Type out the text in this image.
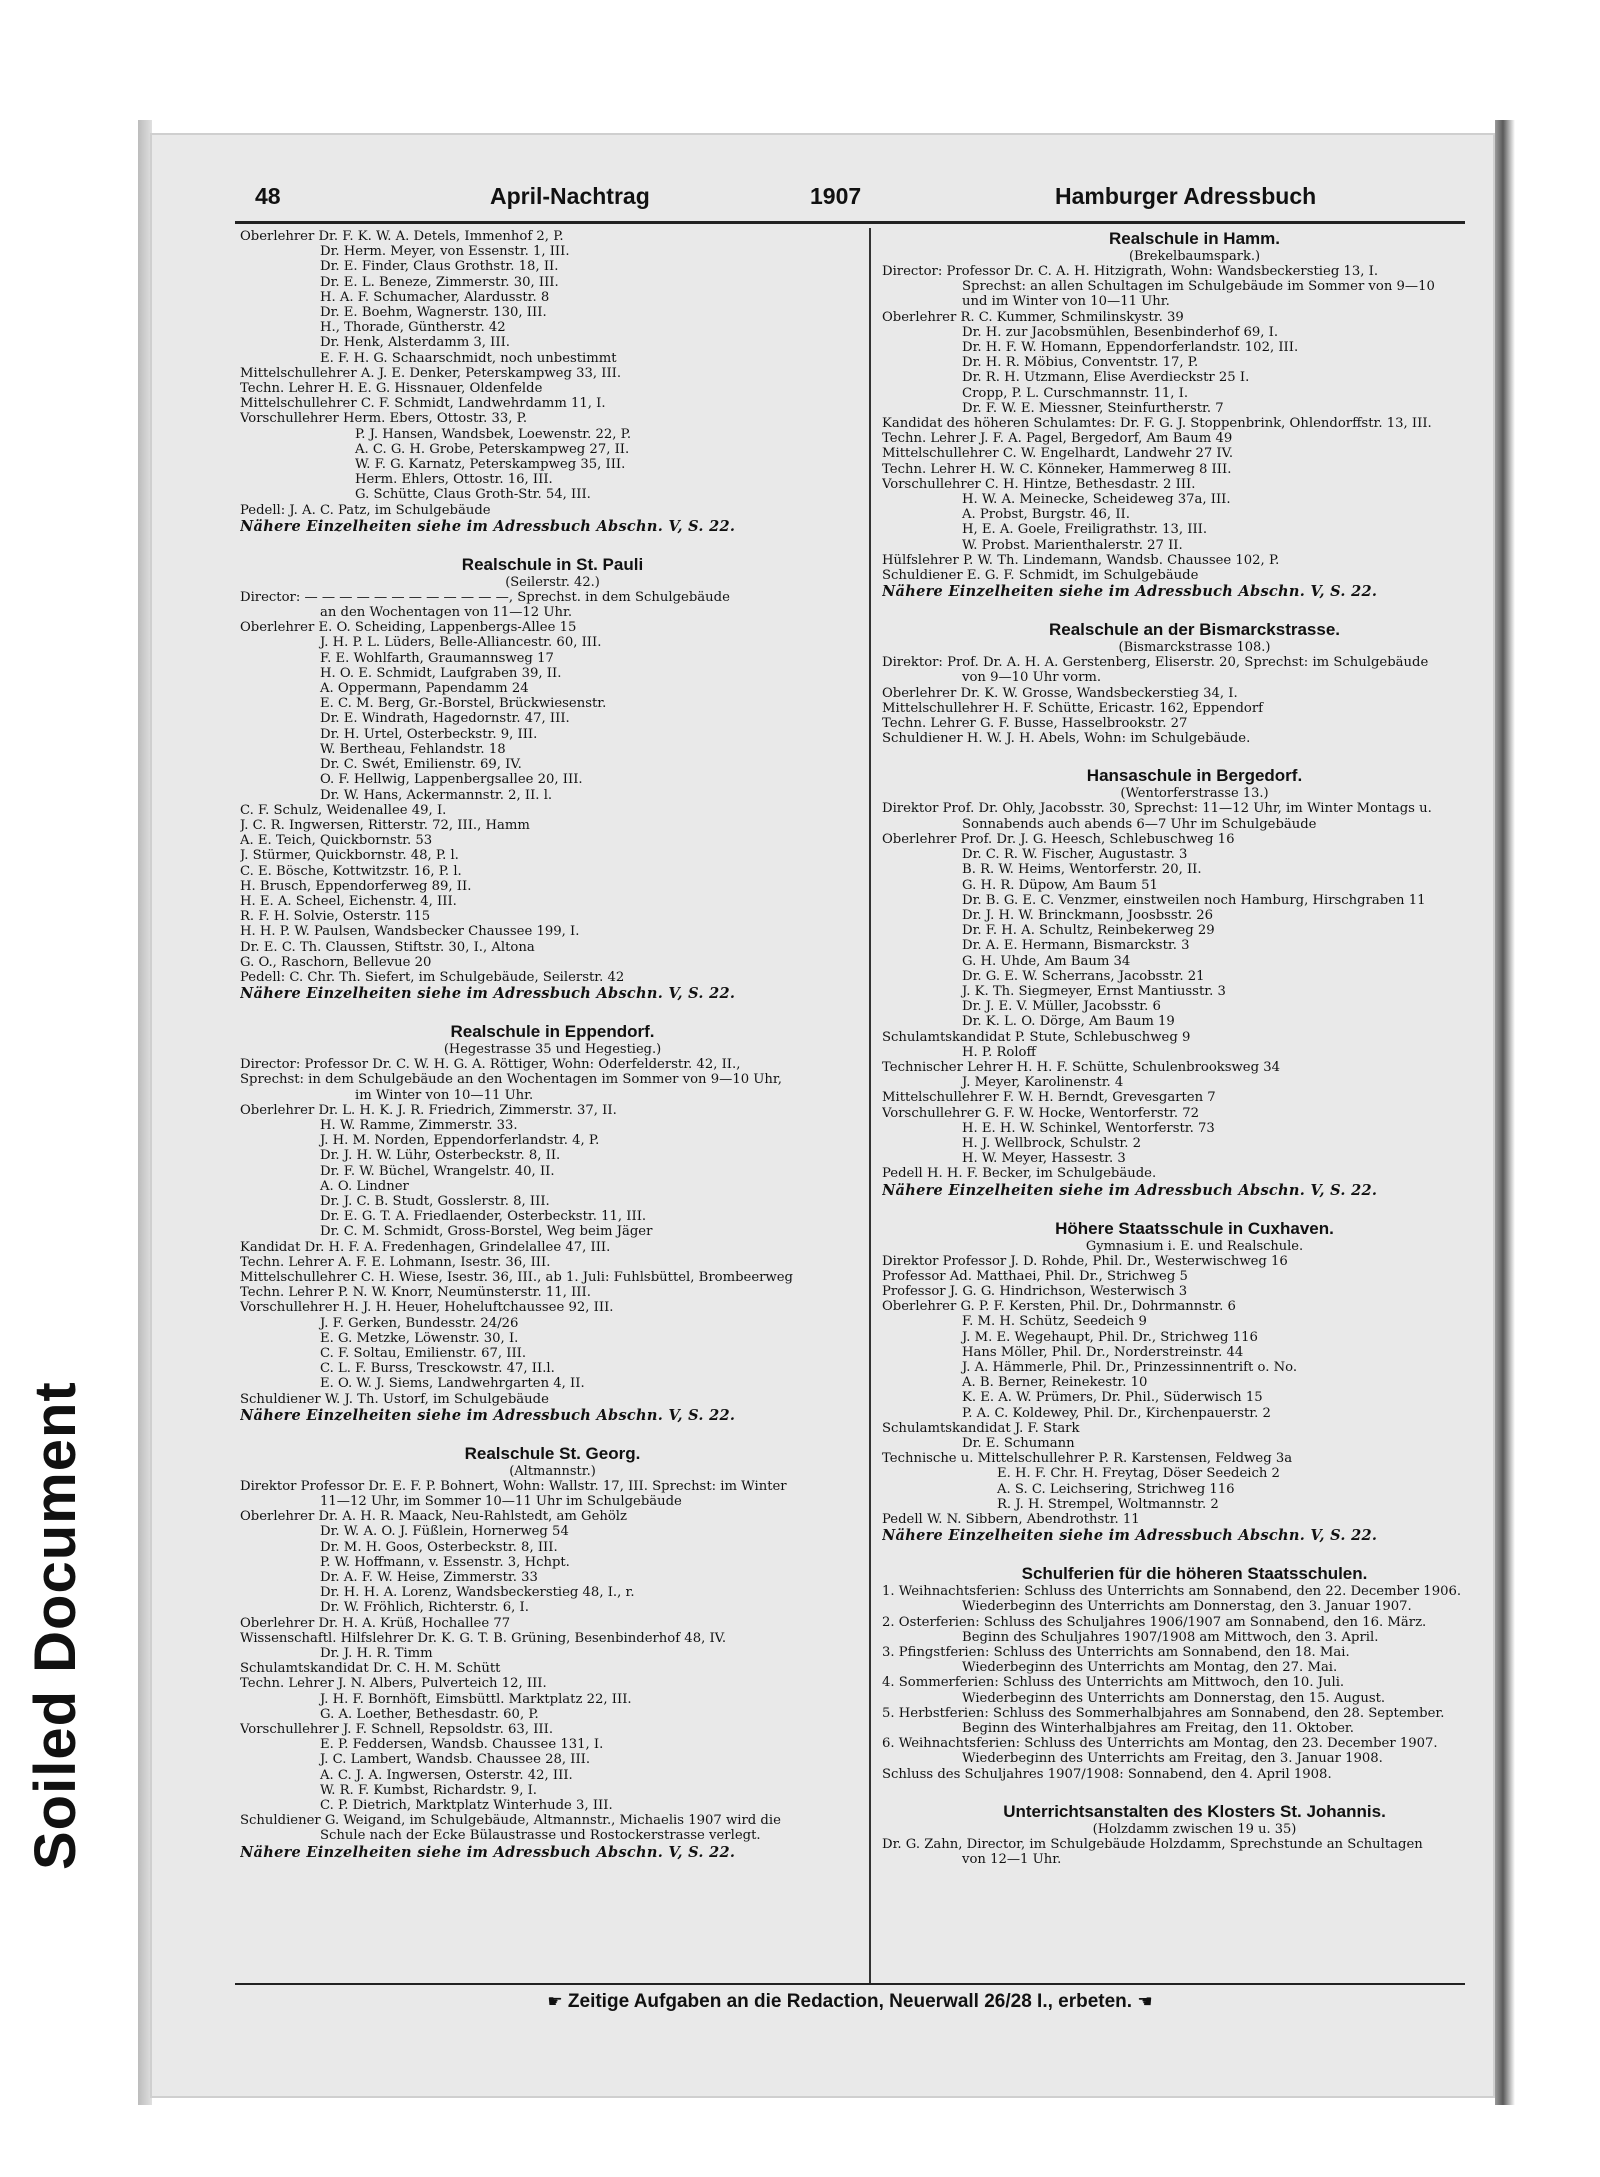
Soiled Document
48	April-Nachtrag	1907	Hamburger Adressbuch
Oberlehrer Dr. F. K. W. A. Detels, Immenhof 2, P.
Dr. Herm. Meyer, von Essenstr. 1, III.
Dr. E. Finder, Claus Grothstr. 18, II.
Dr. E. L. Beneze, Zimmerstr. 30, III.
H. A. F. Schumacher, Alardusstr. 8
Dr. E. Boehm, Wagnerstr. 130, III.
H., Thorade, Güntherstr. 42
Dr. Henk, Alsterdamm 3, III.
E. F. H. G. Schaarschmidt, noch unbestimmt
Mittelschullehrer A. J. E. Denker, Peterskampweg 33, III.
Techn. Lehrer H. E. G. Hissnauer, Oldenfelde
Mittelschullehrer C. F. Schmidt, Landwehrdamm 11, I.
Vorschullehrer Herm. Ebers, Ottostr. 33, P.
P. J. Hansen, Wandsbek, Loewenstr. 22, P.
A. C. G. H. Grobe, Peterskampweg 27, II.
W. F. G. Karnatz, Peterskampweg 35, III.
Herm. Ehlers, Ottostr. 16, III.
G. Schütte, Claus Groth-Str. 54, III.
Pedell: J. A. C. Patz, im Schulgebäude
Nähere Einzelheiten siehe im Adressbuch Abschn. V, S. 22.
Realschule in St. Pauli
(Seilerstr. 42.)
Director: — — — — — — — — — — — —, Sprechst. in dem Schulgebäude
an den Wochentagen von 11—12 Uhr.
Oberlehrer E. O. Scheiding, Lappenbergs-Allee 15
J. H. P. L. Lüders, Belle-Alliancestr. 60, III.
F. E. Wohlfarth, Graumannsweg 17
H. O. E. Schmidt, Laufgraben 39, II.
A. Oppermann, Papendamm 24
E. C. M. Berg, Gr.-Borstel, Brückwiesenstr.
Dr. E. Windrath, Hagedornstr. 47, III.
Dr. H. Urtel, Osterbeckstr. 9, III.
W. Bertheau, Fehlandstr. 18
Dr. C. Swét, Emilienstr. 69, IV.
O. F. Hellwig, Lappenbergsallee 20, III.
Dr. W. Hans, Ackermannstr. 2, II. l.
C. F. Schulz, Weidenallee 49, I.
J. C. R. Ingwersen, Ritterstr. 72, III., Hamm
A. E. Teich, Quickbornstr. 53
J. Stürmer, Quickbornstr. 48, P. l.
C. E. Bösche, Kottwitzstr. 16, P. l.
H. Brusch, Eppendorferweg 89, II.
H. E. A. Scheel, Eichenstr. 4, III.
R. F. H. Solvie, Osterstr. 115
H. H. P. W. Paulsen, Wandsbecker Chaussee 199, I.
Dr. E. C. Th. Claussen, Stiftstr. 30, I., Altona
G. O., Raschorn, Bellevue 20
Pedell: C. Chr. Th. Siefert, im Schulgebäude, Seilerstr. 42
Nähere Einzelheiten siehe im Adressbuch Abschn. V, S. 22.
Realschule in Eppendorf.
(Hegestrasse 35 und Hegestieg.)
Director: Professor Dr. C. W. H. G. A. Röttiger, Wohn: Oderfelderstr. 42, II.,
Sprechst: in dem Schulgebäude an den Wochentagen im Sommer von 9—10 Uhr,
im Winter von 10—11 Uhr.
Oberlehrer Dr. L. H. K. J. R. Friedrich, Zimmerstr. 37, II.
H. W. Ramme, Zimmerstr. 33.
J. H. M. Norden, Eppendorferlandstr. 4, P.
Dr. J. H. W. Lühr, Osterbeckstr. 8, II.
Dr. F. W. Büchel, Wrangelstr. 40, II.
A. O. Lindner
Dr. J. C. B. Studt, Gosslerstr. 8, III.
Dr. E. G. T. A. Friedlaender, Osterbeckstr. 11, III.
Dr. C. M. Schmidt, Gross-Borstel, Weg beim Jäger
Kandidat Dr. H. F. A. Fredenhagen, Grindelallee 47, III.
Techn. Lehrer A. F. E. Lohmann, Isestr. 36, III.
Mittelschullehrer C. H. Wiese, Isestr. 36, III., ab 1. Juli: Fuhlsbüttel, Brombeerweg
Techn. Lehrer P. N. W. Knorr, Neumünsterstr. 11, III.
Vorschullehrer H. J. H. Heuer, Hoheluftchaussee 92, III.
J. F. Gerken, Bundesstr. 24/26
E. G. Metzke, Löwenstr. 30, I.
C. F. Soltau, Emilienstr. 67, III.
C. L. F. Burss, Tresckowstr. 47, II.l.
E. O. W. J. Siems, Landwehrgarten 4, II.
Schuldiener W. J. Th. Ustorf, im Schulgebäude
Nähere Einzelheiten siehe im Adressbuch Abschn. V, S. 22.
Realschule St. Georg.
(Altmannstr.)
Direktor Professor Dr. E. F. P. Bohnert, Wohn: Wallstr. 17, III. Sprechst: im Winter
11—12 Uhr, im Sommer 10—11 Uhr im Schulgebäude
Oberlehrer Dr. A. H. R. Maack, Neu-Rahlstedt, am Gehölz
Dr. W. A. O. J. Füßlein, Hornerweg 54
Dr. M. H. Goos, Osterbeckstr. 8, III.
P. W. Hoffmann, v. Essenstr. 3, Hchpt.
Dr. A. F. W. Heise, Zimmerstr. 33
Dr. H. H. A. Lorenz, Wandsbeckerstieg 48, I., r.
Dr. W. Fröhlich, Richterstr. 6, I.
Oberlehrer Dr. H. A. Krüß, Hochallee 77
Wissenschaftl. Hilfslehrer Dr. K. G. T. B. Grüning, Besenbinderhof 48, IV.
Dr. J. H. R. Timm
Schulamtskandidat Dr. C. H. M. Schütt
Techn. Lehrer J. N. Albers, Pulverteich 12, III.
J. H. F. Bornhöft, Eimsbüttl. Marktplatz 22, III.
G. A. Loether, Bethesdastr. 60, P.
Vorschullehrer J. F. Schnell, Repsoldstr. 63, III.
E. P. Feddersen, Wandsb. Chaussee 131, I.
J. C. Lambert, Wandsb. Chaussee 28, III.
A. C. J. A. Ingwersen, Osterstr. 42, III.
W. R. F. Kumbst, Richardstr. 9, I.
C. P. Dietrich, Marktplatz Winterhude 3, III.
Schuldiener G. Weigand, im Schulgebäude, Altmannstr., Michaelis 1907 wird die
Schule nach der Ecke Bülaustrasse und Rostockerstrasse verlegt.
Nähere Einzelheiten siehe im Adressbuch Abschn. V, S. 22.
Realschule in Hamm.
(Brekelbaumspark.)
Director: Professor Dr. C. A. H. Hitzigrath, Wohn: Wandsbeckerstieg 13, I.
Sprechst: an allen Schultagen im Schulgebäude im Sommer von 9—10
und im Winter von 10—11 Uhr.
Oberlehrer R. C. Kummer, Schmilinskystr. 39
Dr. H. zur Jacobsmühlen, Besenbinderhof 69, I.
Dr. H. F. W. Homann, Eppendorferlandstr. 102, III.
Dr. H. R. Möbius, Conventstr. 17, P.
Dr. R. H. Ützmann, Elise Averdieckstr 25 I.
Cropp, P. L. Curschmannstr. 11, I.
Dr. F. W. E. Miessner, Steinfurtherstr. 7
Kandidat des höheren Schulamtes: Dr. F. G. J. Stoppenbrink, Ohlendorffstr. 13, III.
Techn. Lehrer J. F. A. Pagel, Bergedorf, Am Baum 49
Mittelschullehrer C. W. Engelhardt, Landwehr 27 IV.
Techn. Lehrer H. W. C. Könneker, Hammerweg 8 III.
Vorschullehrer C. H. Hintze, Bethesdastr. 2 III.
H. W. A. Meinecke, Scheideweg 37a, III.
A. Probst, Burgstr. 46, II.
H, E. A. Goele, Freiligrathstr. 13, III.
W. Probst. Marienthalerstr. 27 II.
Hülfslehrer P. W. Th. Lindemann, Wandsb. Chaussee 102, P.
Schuldiener E. G. F. Schmidt, im Schulgebäude
Nähere Einzelheiten siehe im Adressbuch Abschn. V, S. 22.
Realschule an der Bismarckstrasse.
(Bismarckstrasse 108.)
Direktor: Prof. Dr. A. H. A. Gerstenberg, Eliserstr. 20, Sprechst: im Schulgebäude
von 9—10 Uhr vorm.
Oberlehrer Dr. K. W. Grosse, Wandsbeckerstieg 34, I.
Mittelschullehrer H. F. Schütte, Ericastr. 162, Eppendorf
Techn. Lehrer G. F. Busse, Hasselbrookstr. 27
Schuldiener H. W. J. H. Abels, Wohn: im Schulgebäude.
Hansaschule in Bergedorf.
(Wentorferstrasse 13.)
Direktor Prof. Dr. Ohly, Jacobsstr. 30, Sprechst: 11—12 Uhr, im Winter Montags u.
Sonnabends auch abends 6—7 Uhr im Schulgebäude
Oberlehrer Prof. Dr. J. G. Heesch, Schlebuschweg 16
Dr. C. R. W. Fischer, Augustastr. 3
B. R. W. Heims, Wentorferstr. 20, II.
G. H. R. Düpow, Am Baum 51
Dr. B. G. E. C. Venzmer, einstweilen noch Hamburg, Hirschgraben 11
Dr. J. H. W. Brinckmann, Joosbsstr. 26
Dr. F. H. A. Schultz, Reinbekerweg 29
Dr. A. E. Hermann, Bismarckstr. 3
G. H. Uhde, Am Baum 34
Dr. G. E. W. Scherrans, Jacobsstr. 21
J. K. Th. Siegmeyer, Ernst Mantiusstr. 3
Dr. J. E. V. Müller, Jacobsstr. 6
Dr. K. L. O. Dörge, Am Baum 19
Schulamtskandidat P. Stute, Schlebuschweg 9
H. P. Roloff
Technischer Lehrer H. H. F. Schütte, Schulenbrooksweg 34
J. Meyer, Karolinenstr. 4
Mittelschullehrer F. W. H. Berndt, Grevesgarten 7
Vorschullehrer G. F. W. Hocke, Wentorferstr. 72
H. E. H. W. Schinkel, Wentorferstr. 73
H. J. Wellbrock, Schulstr. 2
H. W. Meyer, Hassestr. 3
Pedell H. H. F. Becker, im Schulgebäude.
Nähere Einzelheiten siehe im Adressbuch Abschn. V, S. 22.
Höhere Staatsschule in Cuxhaven.
Gymnasium i. E. und Realschule.
Direktor Professor J. D. Rohde, Phil. Dr., Westerwischweg 16
Professor Ad. Matthaei, Phil. Dr., Strichweg 5
Professor J. G. G. Hindrichson, Westerwisch 3
Oberlehrer G. P. F. Kersten, Phil. Dr., Dohrmannstr. 6
F. M. H. Schütz, Seedeich 9
J. M. E. Wegehaupt, Phil. Dr., Strichweg 116
Hans Möller, Phil. Dr., Norderstreinstr. 44
J. A. Hämmerle, Phil. Dr., Prinzessinnentrift o. No.
A. B. Berner, Reinekestr. 10
K. E. A. W. Prümers, Dr. Phil., Süderwisch 15
P. A. C. Koldewey, Phil. Dr., Kirchenpauerstr. 2
Schulamtskandidat J. F. Stark
Dr. E. Schumann
Technische u. Mittelschullehrer P. R. Karstensen, Feldweg 3a
E. H. F. Chr. H. Freytag, Döser Seedeich 2
A. S. C. Leichsering, Strichweg 116
R. J. H. Strempel, Woltmannstr. 2
Pedell W. N. Sibbern, Abendrothstr. 11
Nähere Einzelheiten siehe im Adressbuch Abschn. V, S. 22.
Schulferien für die höheren Staatsschulen.
1. Weihnachtsferien: Schluss des Unterrichts am Sonnabend, den 22. December 1906.
Wiederbeginn des Unterrichts am Donnerstag, den 3. Januar 1907.
2. Osterferien: Schluss des Schuljahres 1906/1907 am Sonnabend, den 16. März.
Beginn des Schuljahres 1907/1908 am Mittwoch, den 3. April.
3. Pfingstferien: Schluss des Unterrichts am Sonnabend, den 18. Mai.
Wiederbeginn des Unterrichts am Montag, den 27. Mai.
4. Sommerferien: Schluss des Unterrichts am Mittwoch, den 10. Juli.
Wiederbeginn des Unterrichts am Donnerstag, den 15. August.
5. Herbstferien: Schluss des Sommerhalbjahres am Sonnabend, den 28. September.
Beginn des Winterhalbjahres am Freitag, den 11. Oktober.
6. Weihnachtsferien: Schluss des Unterrichts am Montag, den 23. December 1907.
Wiederbeginn des Unterrichts am Freitag, den 3. Januar 1908.
Schluss des Schuljahres 1907/1908: Sonnabend, den 4. April 1908.
Unterrichtsanstalten des Klosters St. Johannis.
(Holzdamm zwischen 19 u. 35)
Dr. G. Zahn, Director, im Schulgebäude Holzdamm, Sprechstunde an Schultagen
von 12—1 Uhr.
☛ Zeitige Aufgaben an die Redaction, Neuerwall 26/28 I., erbeten. ☚
